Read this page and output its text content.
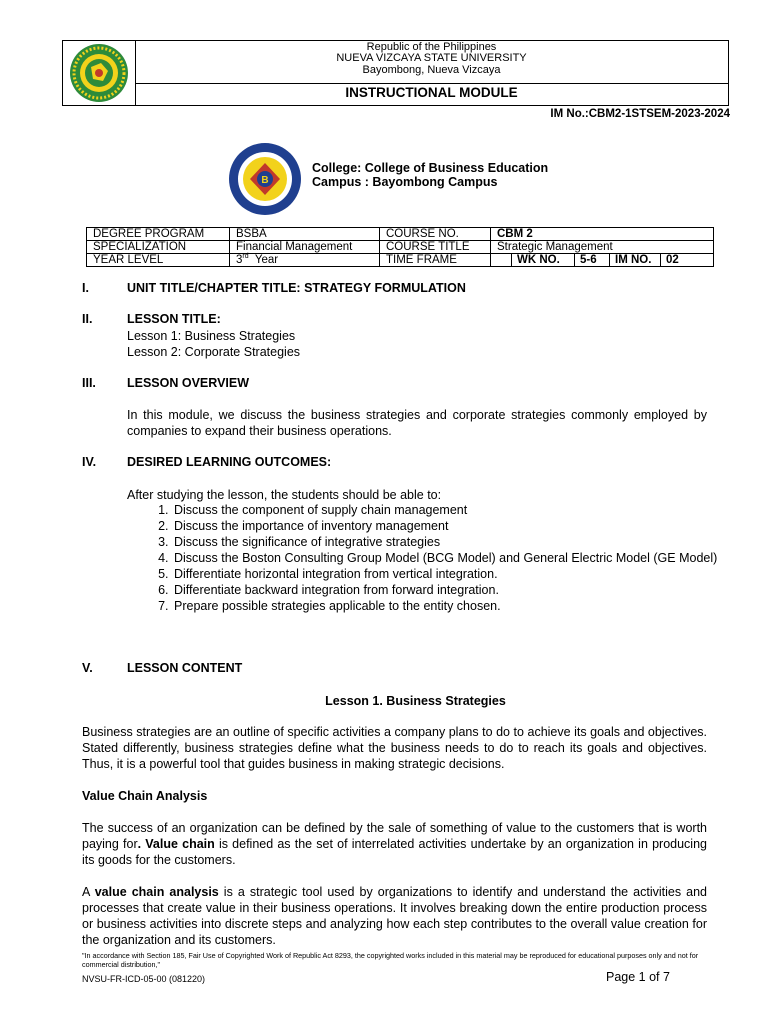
Republic of the Philippines
NUEVA VIZCAYA STATE UNIVERSITY
Bayombong, Nueva Vizcaya
INSTRUCTIONAL MODULE
IM No.:CBM2-1STSEM-2023-2024
B
College: College of Business Education
Campus : Bayombong Campus
DEGREE PROGRAM	BSBA	COURSE NO.	CBM 2
SPECIALIZATION	Financial Management	COURSE TITLE	Strategic Management
YEAR LEVEL	3rd Year	TIME FRAME	WK NO. 5-6 IM NO. 02
I.	UNIT TITLE/CHAPTER TITLE: STRATEGY FORMULATION
II.	LESSON TITLE:
Lesson 1: Business Strategies
Lesson 2: Corporate Strategies
III. LESSON OVERVIEW
In this module, we discuss the business strategies and corporate strategies commonly employed by companies to expand their business operations.
IV. DESIRED LEARNING OUTCOMES:
After studying the lesson, the students should be able to:
1. Discuss the component of supply chain management
2. Discuss the importance of inventory management
3. Discuss the significance of integrative strategies
4. Discuss the Boston Consulting Group Model (BCG Model) and General Electric Model (GE Model)
5. Differentiate horizontal integration from vertical integration.
6. Differentiate backward integration from forward integration.
7. Prepare possible strategies applicable to the entity chosen.
V.	LESSON CONTENT
Lesson 1. Business Strategies
Business strategies are an outline of specific activities a company plans to do to achieve its goals and objectives. Stated differently, business strategies define what the business needs to do to reach its goals and objectives. Thus, it is a powerful tool that guides business in making strategic decisions.
Value Chain Analysis
The success of an organization can be defined by the sale of something of value to the customers that is worth paying for. Value chain is defined as the set of interrelated activities undertake by an organization in producing its goods for the customers.
A value chain analysis is a strategic tool used by organizations to identify and understand the activities and processes that create value in their business operations. It involves breaking down the entire production process or business activities into discrete steps and analyzing how each step contributes to the overall value creation for the organization and its customers.
"In accordance with Section 185, Fair Use of Copyrighted Work of Republic Act 8293, the copyrighted works included in this material may be reproduced for educational purposes only and not for commercial distribution,"
NVSU-FR-ICD-05-00 (081220)	Page 1 of 7
